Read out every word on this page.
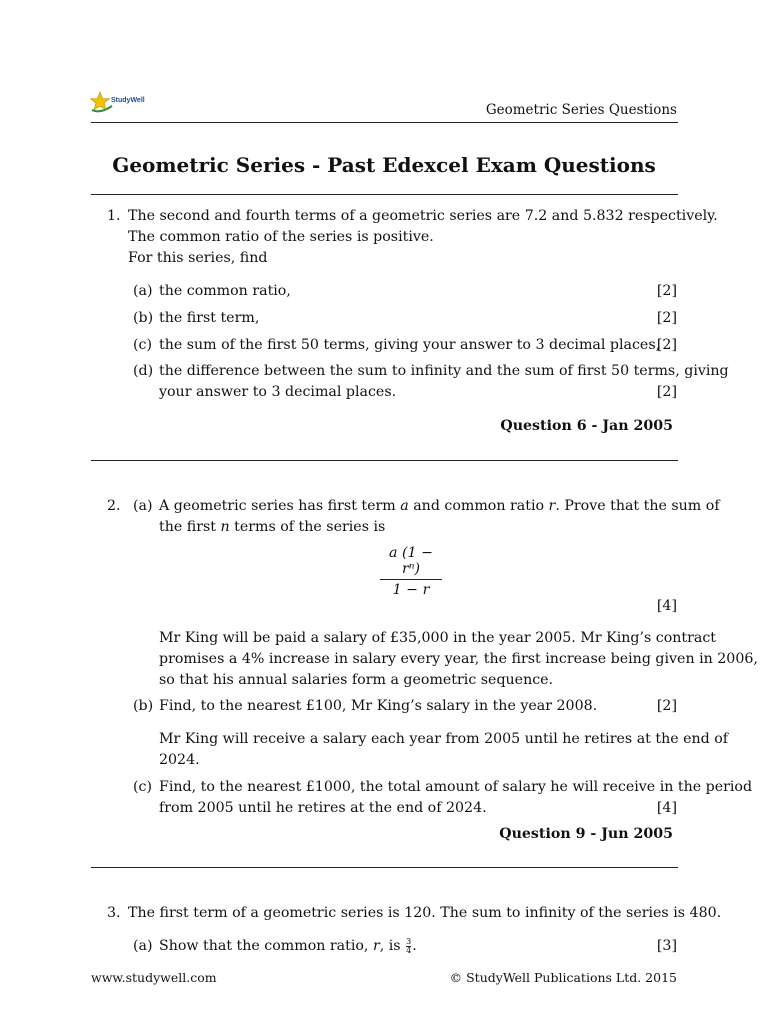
StudyWell
Geometric Series Questions
Geometric Series - Past Edexcel Exam Questions
1. The second and fourth terms of a geometric series are 7.2 and 5.832 respectively.
The common ratio of the series is positive.
For this series, find
(a) the common ratio,	[2]
(b) the first term,	[2]
(c) the sum of the first 50 terms, giving your answer to 3 decimal places,
[2]
(d) the difference between the sum to infinity and the sum of first 50 terms, giving
your answer to 3 decimal places.	[2]
Question 6 - Jan 2005
2. (a) A geometric series has first term a and common ratio r. Prove that the sum of
the first n terms of the series is
a (1 − rⁿ)
1 − r
[4]
Mr King will be paid a salary of £35,000 in the year 2005. Mr King’s contract
promises a 4% increase in salary every year, the first increase being given in 2006,
so that his annual salaries form a geometric sequence.
(b) Find, to the nearest £100, Mr King’s salary in the year 2008.	[2]
Mr King will receive a salary each year from 2005 until he retires at the end of
2024.
(c) Find, to the nearest £1000, the total amount of salary he will receive in the period
from 2005 until he retires at the end of 2024.	[4]
Question 9 - Jun 2005
3. The first term of a geometric series is 120. The sum to infinity of the series is 480.
(a) Show that the common ratio, r, is $\frac{3}{4}$ .	[3]
www.studywell.com	© StudyWell Publications Ltd. 2015
